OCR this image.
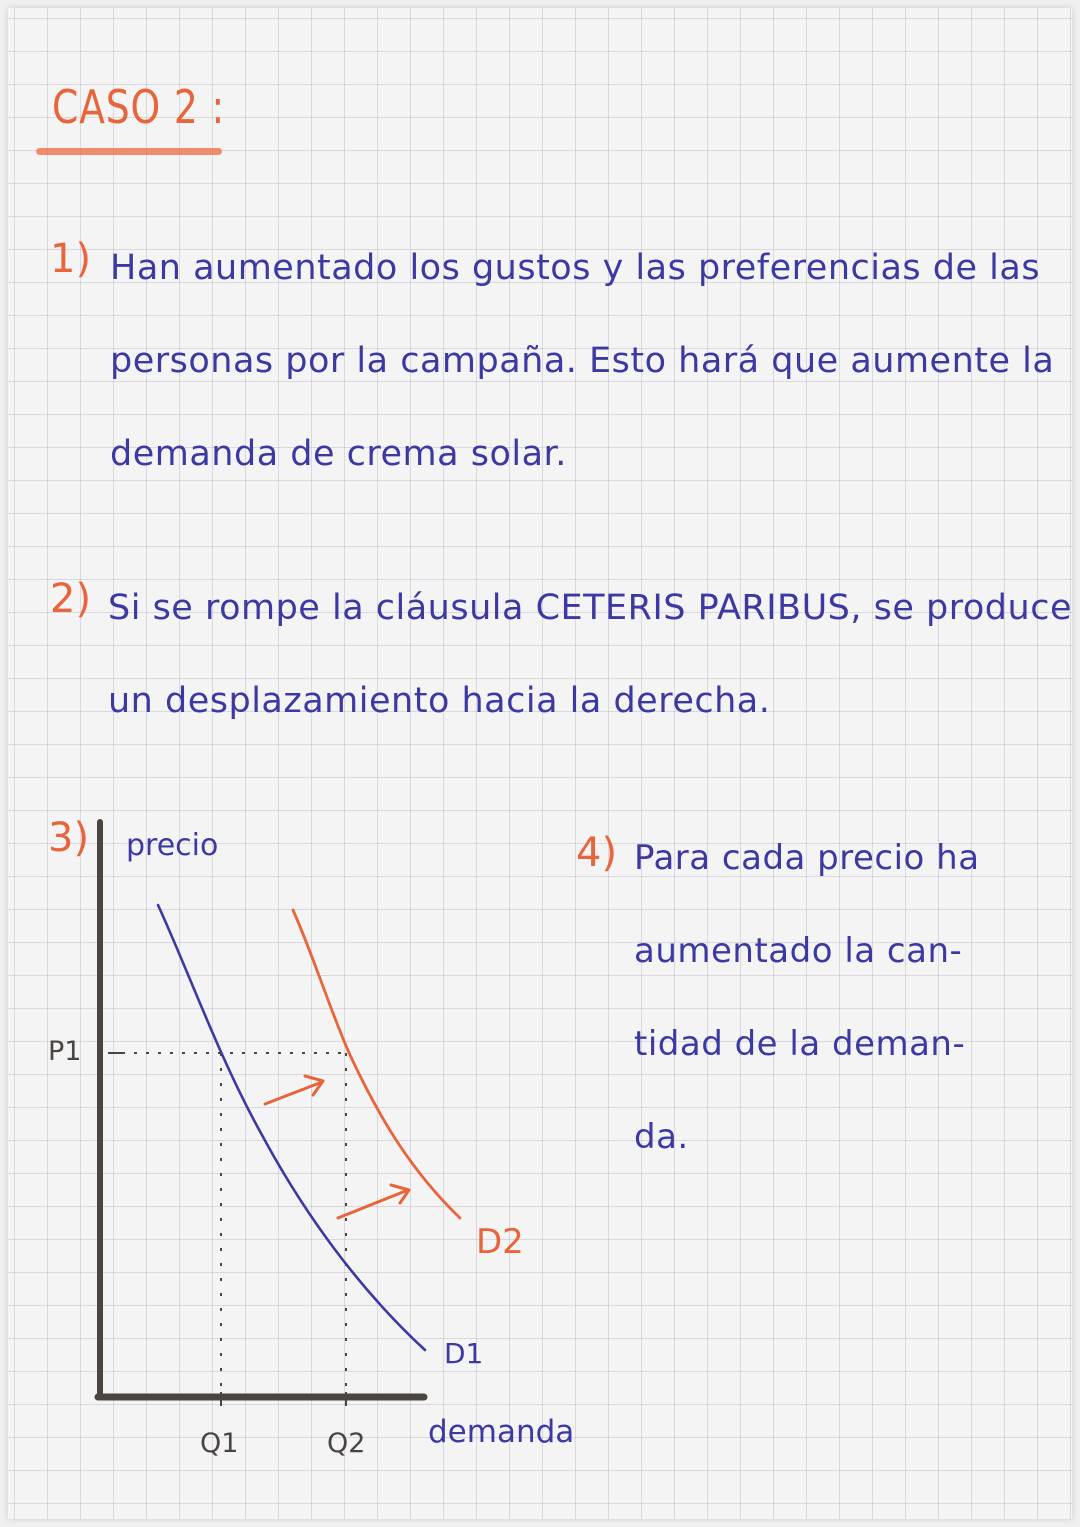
CASO 2 :
1) Han aumentado los gustos y las preferencias de las
personas por la campaña. Esto hará que aumente la
demanda de crema solar.
2) Si se rompe la cláusula CETERIS PARIBUS, se produce
un desplazamiento hacia la derecha.
3) precio
P1
Q1	Q2 demanda
D2
D1
4) Para cada precio ha
aumentado la can-
tidad de la deman-
da.
